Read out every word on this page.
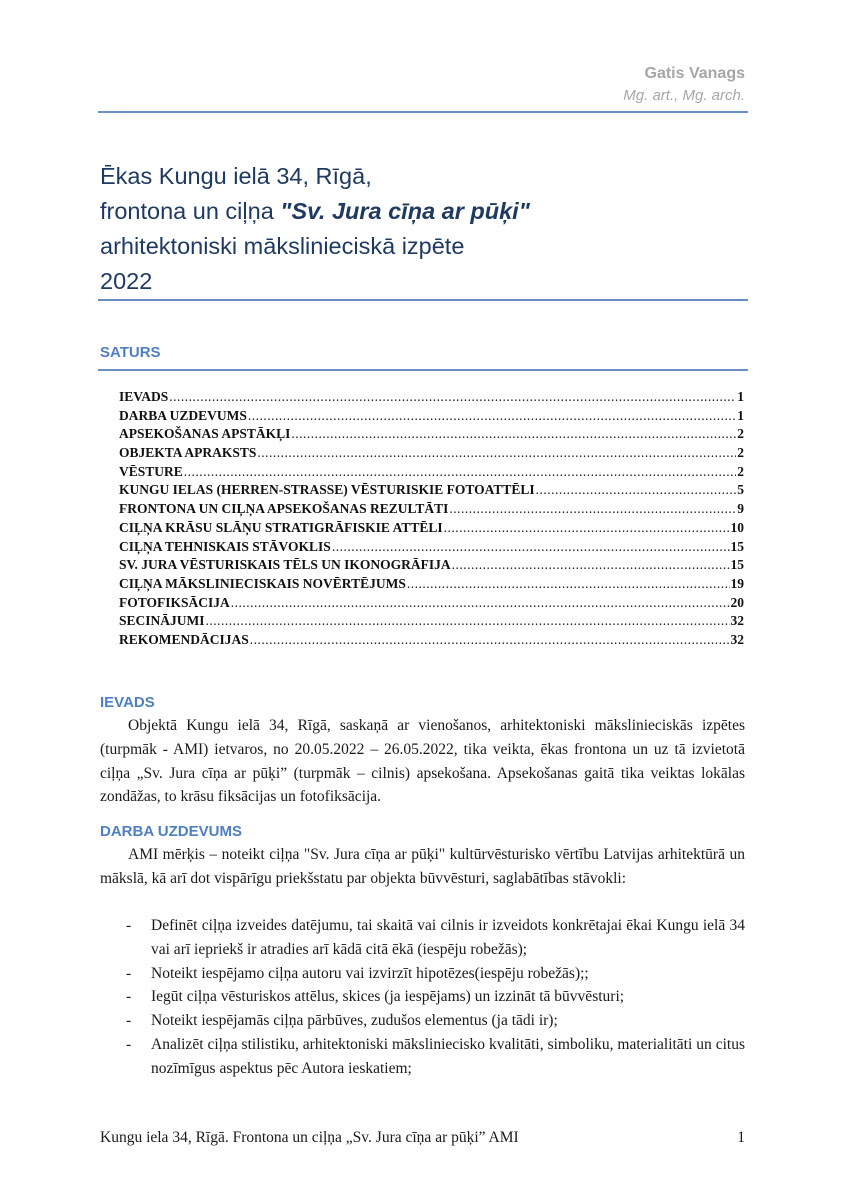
Gatis Vanags
Mg. art., Mg. arch.
Ēkas Kungu ielā 34, Rīgā,
frontona un ciļņa "Sv. Jura cīņa ar pūķi"
arhitektoniski mākslinieciskā izpēte
2022
SATURS
IEVADS .....	1
DARBA UZDEVUMS .....	1
APSEKOŠANAS APSTĀKĻI .....	2
OBJEKTA APRAKSTS .....	2
VĒSTURE .....	2
KUNGU IELAS (HERREN-STRASSE) VĒSTURISKIE FOTOATTĒLI .....	5
FRONTONA UN CIĻŅA APSEKOŠANAS REZULTĀTI .....	9
CIĻŅA KRĀSU SLĀŅU STRATIGRĀFISKIE ATTĒLI .....	10
CIĻŅA TEHNISKAIS STĀVOKLIS .....	15
SV. JURA VĒSTURISKAIS TĒLS UN IKONOGRĀFIJA .....	15
CIĻŅA MĀKSLINIECISKAIS NOVĒRTĒJUMS .....	19
FOTOFIKSĀCIJA .....	20
SECINĀJUMI .....	32
REKOMENDĀCIJAS .....	32
IEVADS
Objektā Kungu ielā 34, Rīgā, saskaņā ar vienošanos, arhitektoniski mākslinieciskās izpētes (turpmāk - AMI) ietvaros, no 20.05.2022 – 26.05.2022, tika veikta, ēkas frontona un uz tā izvietotā ciļņa „Sv. Jura cīņa ar pūķi” (turpmāk – cilnis) apsekošana. Apsekošanas gaitā tika veiktas lokālas zondāžas, to krāsu fiksācijas un fotofiksācija.
DARBA UZDEVUMS
AMI mērķis – noteikt ciļņa "Sv. Jura cīņa ar pūķi" kultūrvēsturisko vērtību Latvijas arhitektūrā un mākslā, kā arī dot vispārīgu priekšstatu par objekta būvvēsturi, saglabātības stāvokli:
- Definēt ciļņa izveides datējumu, tai skaitā vai cilnis ir izveidots konkrētajai ēkai Kungu ielā 34 vai arī iepriekš ir atradies arī kādā citā ēkā (iespēju robežās);
- Noteikt iespējamo ciļņa autoru vai izvirzīt hipotēzes(iespēju robežās);;
- Iegūt ciļņa vēsturiskos attēlus, skices (ja iespējams) un izzināt tā būvvēsturi;
- Noteikt iespējamās ciļņa pārbūves, zudušos elementus (ja tādi ir);
- Analizēt ciļņa stilistiku, arhitektoniski mākslinieciskо kvalitāti, simboliku, materialitāti un citus nozīmīgus aspektus pēc Autora ieskatiem;
Kungu iela 34, Rīgā. Frontona un ciļņa „Sv. Jura cīņa ar pūķi” AMI	1
